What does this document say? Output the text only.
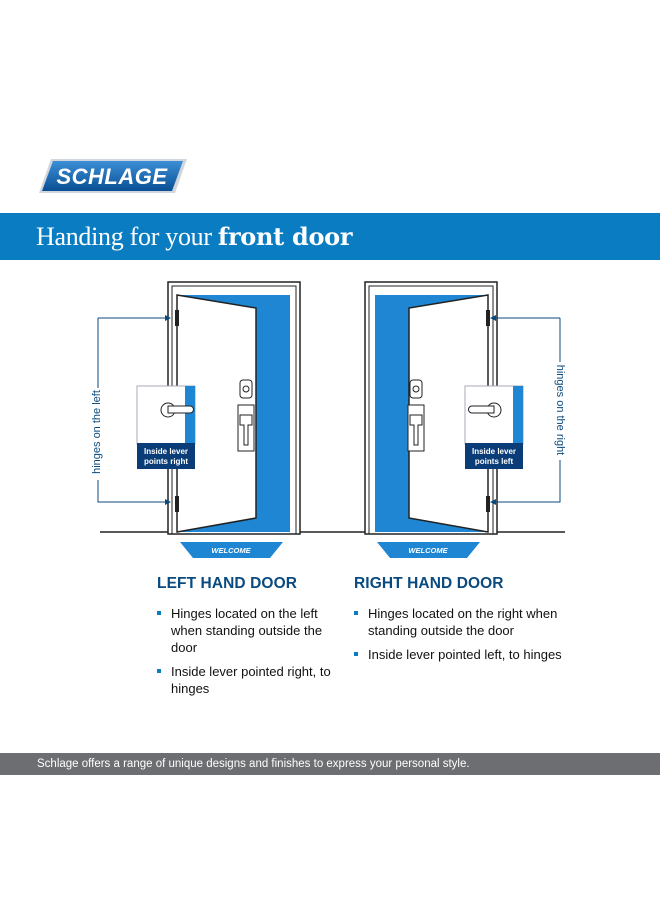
SCHLAGE ®
Handing for your front door
Inside lever
points right
WELCOME
Inside lever
points left
WELCOME
hinges on the left	hinges on the right
LEFT HAND DOOR
Hinges located on the left when standing outside the door
Inside lever pointed right, to hinges
RIGHT HAND DOOR
Hinges located on the right when standing outside the door
Inside lever pointed left, to hinges
Schlage offers a range of unique designs and finishes to express your personal style.
